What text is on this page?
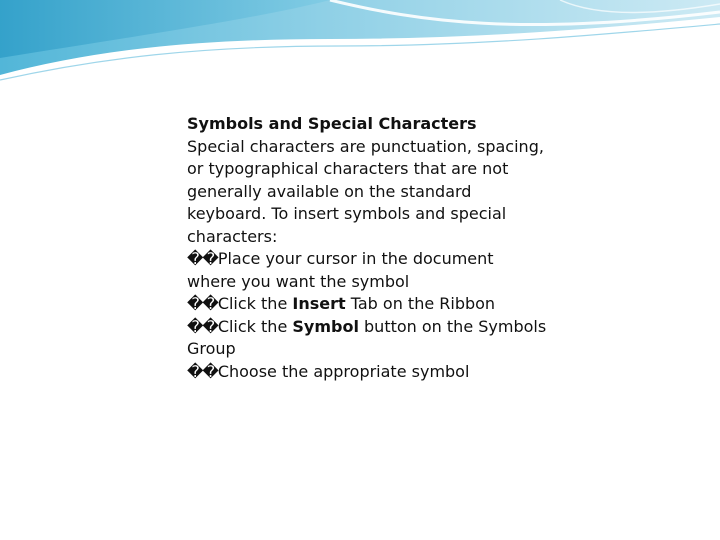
Symbols and Special Characters
Special characters are punctuation, spacing, or typographical characters that are not generally available on the standard keyboard. To insert symbols and special characters:
��Place your cursor in the document where you want the symbol
��Click the Insert Tab on the Ribbon
��Click the Symbol button on the Symbols Group
��Choose the appropriate symbol
